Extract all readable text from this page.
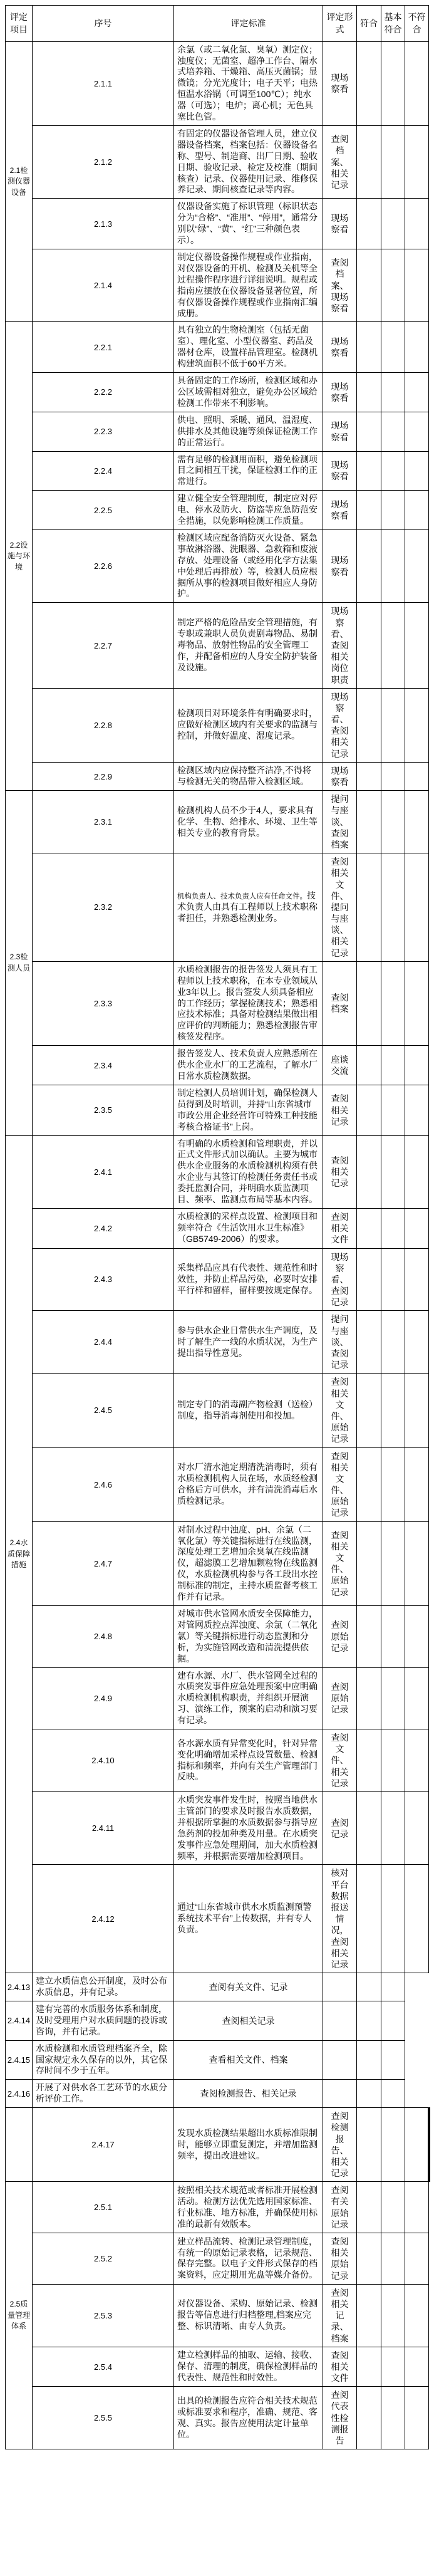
评定项目	序号	评定标准	评定形式	符合	基本符合	不符合
2.1检测仪器设备	2.1.1	余氯（或二氧化氯、臭氧）测定仪；浊度仪；无菌室、超净工作台、隔水式培养箱、干燥箱、高压灭菌锅；显微镜；分光光度计；电子天平；电热恒温水浴锅（可调至100℃）；纯水器（可选）；电炉；离心机；无色具塞比色管。	现场察看			
	2.1.2	有固定的仪器设备管理人员，建立仪器设备档案，档案包括：仪器设备名称、型号、制造商、出厂日期、验收日期、验收记录、检定及校准（期间核查）记录、仪器使用记录、维修保养记录、期间核查记录等内容。	查阅档案、相关记录			
	2.1.3	仪器设备实施了标识管理（标识状态分为“合格”、“准用”、“停用”，通常分别以“绿”、“黄”、“红”三种颜色表示）。	现场察看			
	2.1.4	制定仪器设备操作规程或作业指南，对仪器设备的开机、检测及关机等全过程操作程序进行详细说明。规程或指南应摆放在仪器设备显著位置，所有仪器设备操作规程或作业指南汇编成册。	查阅档案、现场察看			
2.2设施与环境	2.2.1	具有独立的生物检测室（包括无菌室）、理化室、小型仪器室、药品及器材仓库，设置样品管理室。检测机构建筑面积不低于60平方米。	现场察看			
	2.2.2	具备固定的工作场所，检测区域和办公区域需相对独立，避免办公区域给检测工作带来不利影响。	现场察看			
	2.2.3	供电、照明、采暖、通风、温湿度、供排水及其他设施等须保证检测工作的正常运行。	现场察看			
	2.2.4	需有足够的检测用面积，避免检测项目之间相互干扰，保证检测工作的正常进行。	现场察看			
	2.2.5	建立健全安全管理制度，制定应对停电、停水及防火、防盗等应急防范安全措施，以免影响检测工作质量。	现场察看			
	2.2.6	检测区域应配备消防灭火设备、紧急事故淋浴器、洗眼器、急救箱和废液存放、处理设备（或经用化学方法集中处理后再排放）等，检测人员应根据所从事的检测项目做好相应人身防护。	现场察看			
	2.2.7	制定严格的危险品安全管理措施，有专职或兼职人员负责剧毒物品、易制毒物品、放射性物品的安全管理工作，并配备相应的人身安全防护装备及设施。	现场察看、查阅相关岗位职责			
	2.2.8	检测项目对环境条件有明确要求时，应做好检测区域内有关要求的监测与控制，并做好温度、湿度记录。	现场察看、查阅相关记录			
	2.2.9	检测区域内应保持整齐洁净,不得将与检测无关的物品带入检测区域。	现场察看			
2.3检测人员	2.3.1	检测机构人员不少于4人，要求具有化学、生物、给排水、环境、卫生等相关专业的教育背景。	提问与座谈、查阅档案			
	2.3.2	机构负责人、技术负责人应有任命文件。技术负责人由具有工程师以上技术职称者担任，并熟悉检测业务。	查阅相关文件、提问与座谈、相关记录			
	2.3.3	水质检测报告的报告签发人须具有工程师以上技术职称，在本专业领域从业3年以上。报告签发人须具备相应的工作经历；掌握检测技术；熟悉相应技术标准；具备对检测结果做出相应评价的判断能力；熟悉检测报告审核签发程序。	查阅档案			
	2.3.4	报告签发人、技术负责人应熟悉所在供水企业水厂的工艺流程，了解水厂日常水质检测数据。	座谈交流			
	2.3.5	制定检测人员培训计划，确保检测人员得到及时培训，并持“山东省城市市政公用企业经营许可特殊工种技能考核合格证书”上岗。	查阅相关记录			
2.4水质保障措施	2.4.1	有明确的水质检测和管理职责，并以正式文件形式加以确认。主要为城市供水企业服务的水质检测机构须有供水企业与其签订的检测任务责任书或委托监测合同，并明确水质监测项目、频率、监测点布局等基本内容。	查阅相关记录			
	2.4.2	水质检测的采样点设置、检测项目和频率符合《生活饮用水卫生标准》（GB5749-2006）的要求。	查阅相关文件			
	2.4.3	采集样品应具有代表性、规范性和时效性，并防止样品污染，必要时安排平行样和留样，留样要按规定保存。	现场察看、查阅记录			
	2.4.4	参与供水企业日常供水生产调度，及时了解生产一线的水质状况，为生产提出指导性意见。	提问与座谈、查阅记录			
	2.4.5	制定专门的消毒副产物检测（送检）制度，指导消毒剂使用和投加。	查阅相关文件、原始记录			
	2.4.6	对水厂清水池定期清洗消毒时，须有水质检测机构人员在场，水质经检测合格后方可供水，并有清洗消毒后水质检测记录。	查阅相关文件、原始记录			
	2.4.7	对制水过程中浊度、pH、余氯（二氧化氯）等关键指标进行在线监测，深度处理工艺增加余臭氧在线监测仪，超滤膜工艺增加颗粒物在线监测仪，水质检测机构参与各工段出水控制标准的制定，主持水质监督考核工作并有记录。	查阅相关文件、原始记录			
	2.4.8	对城市供水管网水质安全保障能力，对管网质控点浑浊度、余氯（二氧化氯）等关键指标进行动态监测和分析，为实施管网改造和清洗提供依据。	查阅原始记录			
	2.4.9	建有水源、水厂、供水管网全过程的水质突发事件应急处理预案中应明确水质检测机构职责，并组织开展演习、演练工作，预案的启动和演习要有记录。	查阅原始记录			
	2.4.10	各水源水质有异常变化时，针对异常变化明确增加采样点设置数量、检测指标和频率，并向有关生产管理部门反映。	查阅文件、相关记录			
	2.4.11	水质突发事件发生时，按照当地供水主管部门的要求及时报告水质数据，并根据所掌握的水质数据参与指导应急药剂的投加种类及用量。在水质突发事件应急处理期间，加大水质检测频率，并根据需要增加检测项目。	查阅记录			
	2.4.12	通过“山东省城市供水水质监测预警系统技术平台”上传数据，并有专人负责。	核对平台数据报送情况，查阅相关记录			
2.4.13	建立水质信息公开制度，及时公布水质信息，并有记录。	查阅有关文件、记录				
2.4.14	建有完善的水质服务体系和制度，及时受理用户对水质问题的投诉或咨询，并有记录。	查阅相关记录				
2.4.15	水质检测和水质管理档案齐全，除国家规定永久保存的以外，其它保存时间不少于五年。	查看相关文件、档案				
2.4.16	开展了对供水各工艺环节的水质分析评价工作。	查阅检测报告、相关记录				
	2.4.17	发现水质检测结果超出水质标准限制时，能够立即重复测定，并增加监测频率，提出改进建议。	查阅检测报告、相关记录			
2.5质量管理体系	2.5.1	按照相关技术规范或者标准开展检测活动。检测方法优先选用国家标准、行业标准、地方标准，并确保使用标准的最新有效版本。	查阅有关原始记录			
	2.5.2	建立样品流转、检测记录管理制度，有统一的原始记录表格，记录规范、保存完整。以电子文件形式保存的档案资料，应定期用光盘等媒介备份。	查阅相关原始记录			
	2.5.3	对仪器设备、采购、原始记录、检测报告等信息进行归档整理,档案应完整、标识清晰、由专人负责。	查阅相关记录、档案			
	2.5.4	建立检测样品的抽取、运输、接收、保存、清理的制度，确保检测样品的代表性、规范性和时效性。	查阅相关文件			
	2.5.5	出具的检测报告应符合相关技术规范或标准要求和程序，准确、规范、客观、真实。报告应使用法定计量单位。	查阅代表性检测报告			
